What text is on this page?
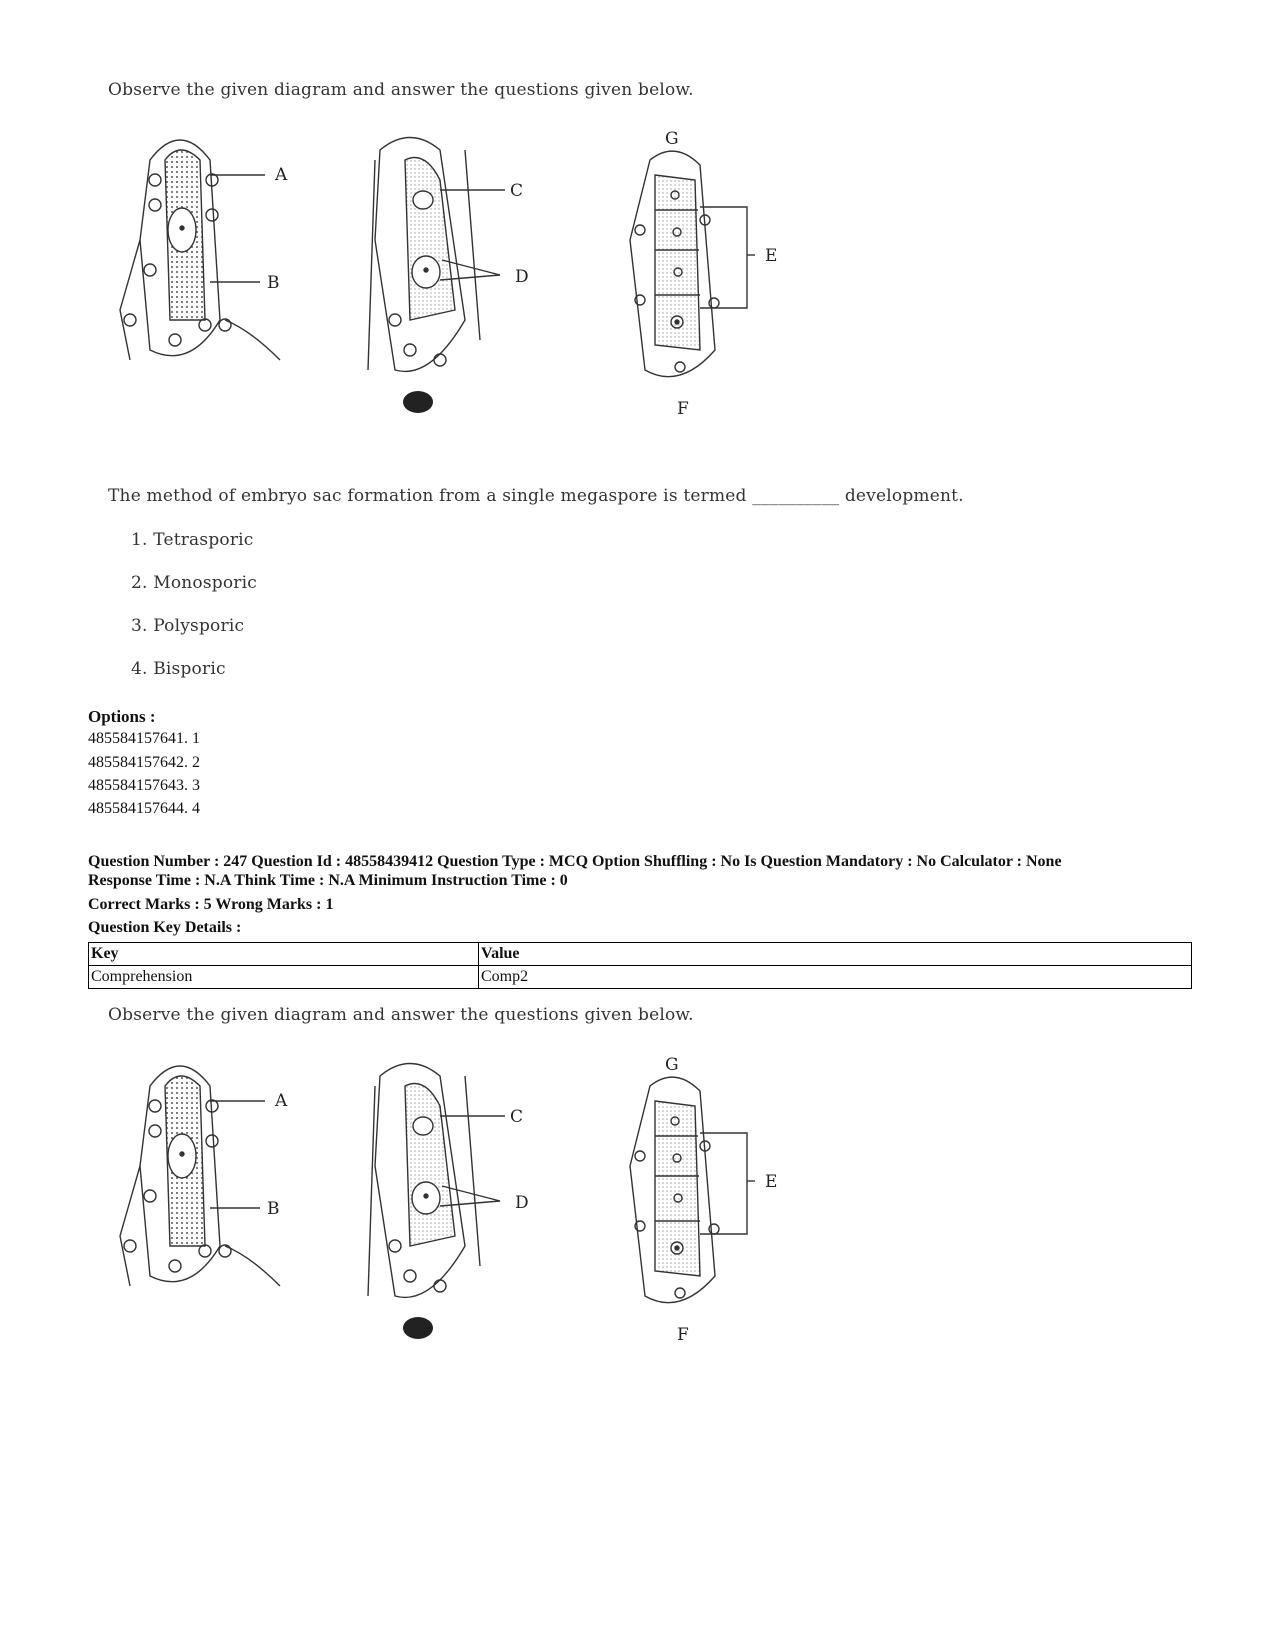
Observe the given diagram and answer the questions given below.
A
B
C
D
G
E
F
The method of embryo sac formation from a single megaspore is termed __________ development.
1. Tetrasporic
2. Monosporic
3. Polysporic
4. Bisporic
Options :
485584157641. 1
485584157642. 2
485584157643. 3
485584157644. 4
Question Number : 247 Question Id : 48558439412 Question Type : MCQ Option Shuffling : No Is Question Mandatory : No Calculator : None
Response Time : N.A Think Time : N.A Minimum Instruction Time : 0
Correct Marks : 5 Wrong Marks : 1
Question Key Details :
Key	Value
Comprehension	Comp2
Observe the given diagram and answer the questions given below.
A
B
C
D
G
E
F
